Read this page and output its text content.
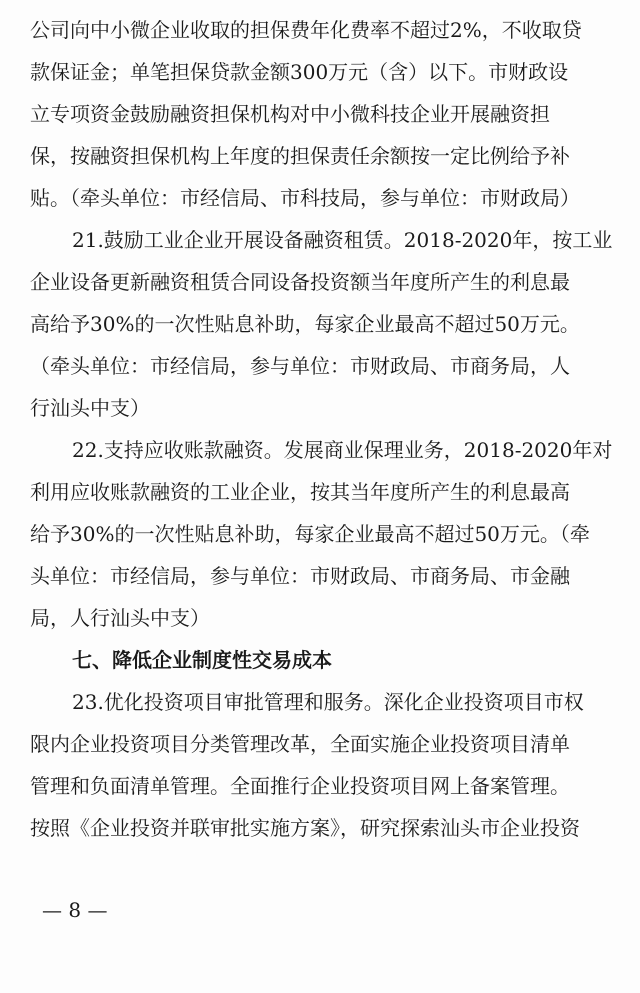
公司向中小微企业收取的担保费年化费率不超过2%，不收取贷

款保证金；单笔担保贷款金额300万元（含）以下。市财政设

立专项资金鼓励融资担保机构对中小微科技企业开展融资担

保，按融资担保机构上年度的担保责任余额按一定比例给予补

贴。（牵头单位：市经信局、市科技局，参与单位：市财政局）

21.鼓励工业企业开展设备融资租赁。2018-2020年，按工业

企业设备更新融资租赁合同设备投资额当年度所产生的利息最

高给予30%的一次性贴息补助，每家企业最高不超过50万元。

（牵头单位：市经信局，参与单位：市财政局、市商务局，人

行汕头中支）

22.支持应收账款融资。发展商业保理业务，2018-2020年对

利用应收账款融资的工业企业，按其当年度所产生的利息最高

给予30%的一次性贴息补助，每家企业最高不超过50万元。（牵

头单位：市经信局，参与单位：市财政局、市商务局、市金融

局，人行汕头中支）

七、降低企业制度性交易成本

23.优化投资项目审批管理和服务。深化企业投资项目市权

限内企业投资项目分类管理改革，全面实施企业投资项目清单

管理和负面清单管理。全面推行企业投资项目网上备案管理。

按照《企业投资并联审批实施方案》，研究探索汕头市企业投资

— 8 —
